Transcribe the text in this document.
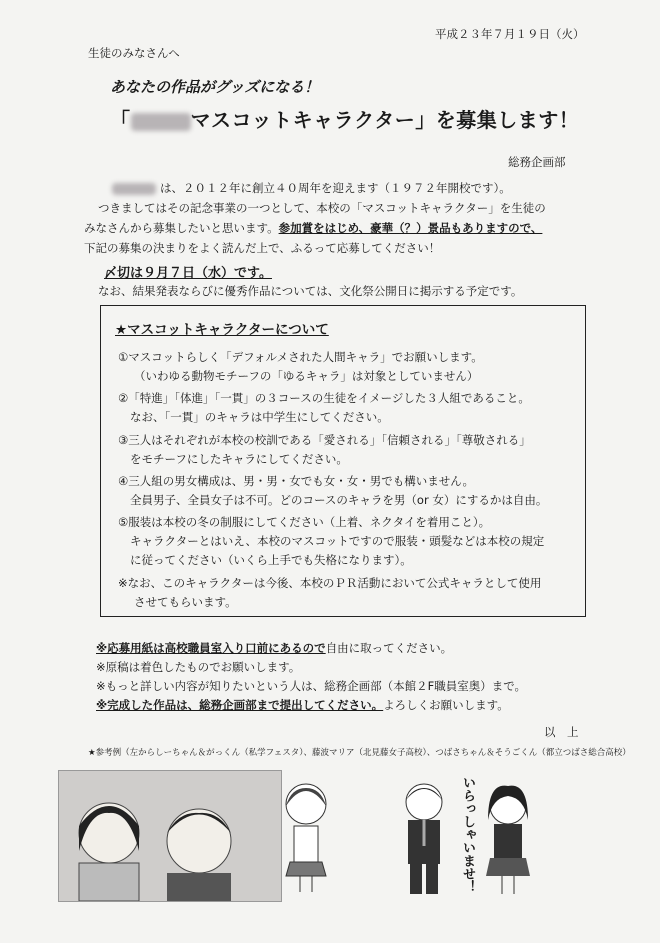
平成２３年７月１９日（火）
生徒のみなさんへ
あなたの作品がグッズになる！
「	マスコットキャラクター」を募集します！
総務企画部
は、２０１２年に創立４０周年を迎えます（１９７２年開校です）。
つきましてはその記念事業の一つとして、本校の「マスコットキャラクター」を生徒の
みなさんから募集したいと思います。参加賞をはじめ、豪華（？）景品もありますので、
下記の募集の決まりをよく読んだ上で、ふるって応募してください！
〆切は９月７日（水）です。
なお、結果発表ならびに優秀作品については、文化祭公開日に掲示する予定です。
★マスコットキャラクターについて
①マスコットらしく「デフォルメされた人間キャラ」でお願いします。
（いわゆる動物モチーフの「ゆるキャラ」は対象としていません）
②「特進」「体進」「一貫」の３コースの生徒をイメージした３人組であること。
なお、「一貫」のキャラは中学生にしてください。
③三人はそれぞれが本校の校訓である「愛される」「信頼される」「尊敬される」
をモチーフにしたキャラにしてください。
④三人組の男女構成は、男・男・女でも女・女・男でも構いません。
全員男子、全員女子は不可。どのコースのキャラを男（or 女）にするかは自由。
⑤服装は本校の冬の制服にしてください（上着、ネクタイを着用こと）。
キャラクターとはいえ、本校のマスコットですので服装・頭髪などは本校の規定
に従ってください（いくら上手でも失格になります）。
※なお、このキャラクターは今後、本校のＰＲ活動において公式キャラとして使用
させてもらいます。
※応募用紙は高校職員室入り口前にあるので自由に取ってください。
※原稿は着色したものでお願いします。
※もっと詳しい内容が知りたいという人は、総務企画部（本館２F職員室奥）まで。
※完成した作品は、総務企画部まで提出してください。よろしくお願いします。
以　上
★参考例（左からしーちゃん＆がっくん（私学フェスタ）、藤波マリア（北見藤女子高校）、つばさちゃん＆そうごくん（都立つばさ総合高校）
いらっしゃいませ！
